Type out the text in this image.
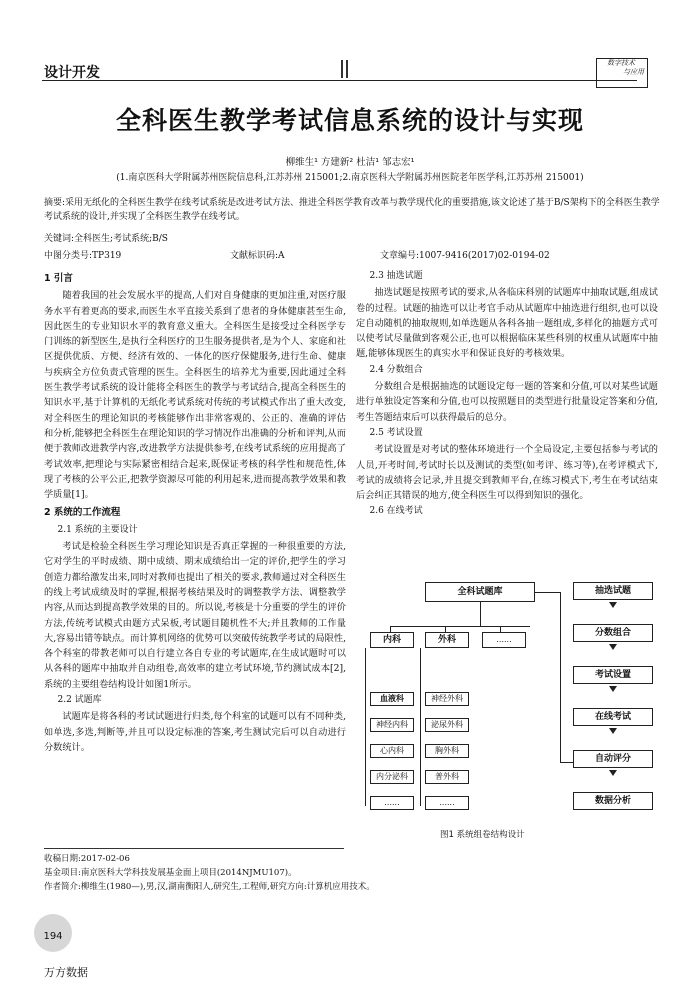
设计开发
数字技术
与应用
全科医生教学考试信息系统的设计与实现
柳维生¹ 方建新² 杜洁¹ 邹志宏¹
(1.南京医科大学附属苏州医院信息科,江苏苏州 215001;2.南京医科大学附属苏州医院老年医学科,江苏苏州 215001)
摘要:采用无纸化的全科医生教学在线考试系统是改进考试方法、推进全科医学教育改革与教学现代化的重要措施,该文论述了基于B/S架构下的全科医生教学考试系统的设计,并实现了全科医生教学在线考试。
关键词:全科医生;考试系统;B/S
中图分类号:TP319	文献标识码:A	文章编号:1007-9416(2017)02-0194-02

1 引言

随着我国的社会发展水平的提高,人们对自身健康的更加注重,对医疗服务水平有着更高的要求,而医生水平直接关系到了患者的身体健康甚至生命,因此医生的专业知识水平的教育意义重大。全科医生是接受过全科医学专门训练的新型医生,是执行全科医疗的卫生服务提供者,是为个人、家庭和社区提供优质、方便、经济有效的、一体化的医疗保健服务,进行生命、健康与疾病全方位负责式管理的医生。全科医生的培养尤为重要,因此通过全科医生教学考试系统的设计能将全科医生的教学与考试结合,提高全科医生的知识水平,基于计算机的无纸化考试系统对传统的考试模式作出了重大改变,对全科医生的理论知识的考核能够作出非常客观的、公正的、准确的评估和分析,能够把全科医生在理论知识的学习情况作出准确的分析和评判,从而便于教师改进教学内容,改进教学方法提供参考,在线考试系统的应用提高了考试效率,把理论与实际紧密相结合起来,既保证考核的科学性和规范性,体现了考核的公平公正,把教学资源尽可能的利用起来,进而提高教学效果和教学质量[1]。

2 系统的工作流程

2.1 系统的主要设计

考试是检验全科医生学习理论知识是否真正掌握的一种很重要的方法,它对学生的平时成绩、期中成绩、期末成绩给出一定的评价,把学生的学习创造力都给激发出来,同时对教师也提出了相关的要求,教师通过对全科医生的线上考试成绩及时的掌握,根据考核结果及时的调整教学方法、调整教学内容,从而达到提高教学效果的目的。所以说,考核是十分重要的学生的评价方法,传统考试模式由题方式呆板,考试题目随机性不大;并且教师的工作量大,容易出错等缺点。而计算机网络的优势可以突破传统教学考试的局限性,各个科室的带教老师可以自行建立各自专业的考试题库,在生成试题时可以从各科的题库中抽取并自动组卷,高效率的建立考试环境,节约测试成本[2],系统的主要组卷结构设计如图1所示。

2.2 试题库

试题库是将各科的考试试题进行归类,每个科室的试题可以有不同种类,如单选,多选,判断等,并且可以设定标准的答案,考生测试完后可以自动进行分数统计。

2.3 抽选试题

抽选试题是按照考试的要求,从各临床科别的试题库中抽取试题,组成试卷的过程。试题的抽选可以让考官手动从试题库中抽选进行组织,也可以设定自动随机的抽取规则,如单选题从各科各抽一题组成,多样化的抽题方式可以使考试尽量做到客观公正,也可以根据临床某些科别的权重从试题库中抽题,能够体现医生的真实水平和保证良好的考核效果。

2.4 分数组合

分数组合是根据抽选的试题设定每一题的答案和分值,可以对某些试题进行单独设定答案和分值,也可以按照题目的类型进行批量设定答案和分值,考生答题结束后可以获得最后的总分。

2.5 考试设置

考试设置是对考试的整体环境进行一个全局设定,主要包括参与考试的人员,开考时间,考试时长以及测试的类型(如考评、练习等),在考评模式下,考试的成绩将会记录,并且提交到教师平台,在练习模式下,考生在考试结束后会纠正其错误的地方,使全科医生可以得到知识的强化。

2.6 在线考试

全科试题库
内科	外科	......
血液科
神经内科
心内科
内分泌科
......
神经外科
泌尿外科
胸外科
普外科
......
抽选试题
分数组合
考试设置
在线考试
自动评分
数据分析
图1 系统组卷结构设计
收稿日期:2017-02-06
基金项目:南京医科大学科技发展基金面上项目(2014NJMU107)。
作者简介:柳维生(1980—),男,汉,湖南衡阳人,研究生,工程师,研究方向:计算机应用技术。
194
万方数据
